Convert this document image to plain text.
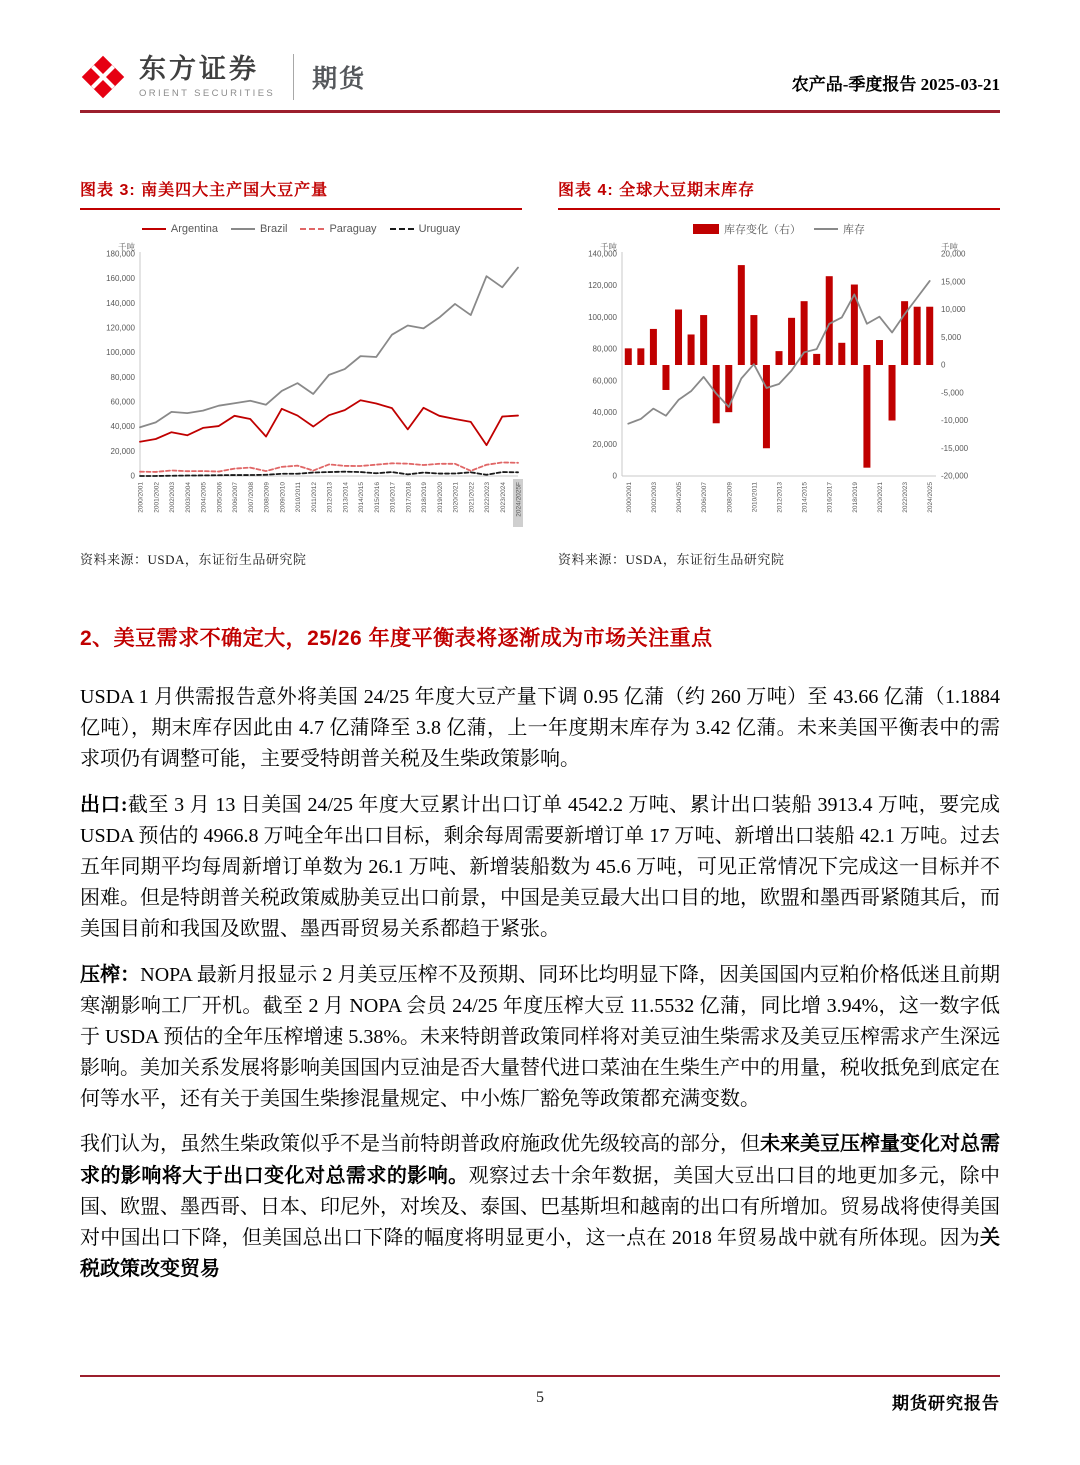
东方证券
ORIENT SECURITIES
期货	农产品-季度报告 2025-03-21
图表 3: 南美四大主产国大豆产量
Argentina	Brazil	Paraguay	Uruguay
0
20,000
40,000
60,000
80,000
100,000
120,000
140,000
160,000
180,000
千吨
2000/2001 2001/2002 2002/2003 2003/2004 2004/2005 2005/2006 2006/2007 2007/2008 2008/2009 2009/2010 2010/2011 2011/2012 2012/2013 2013/2014 2014/2015 2015/2016 2016/2017 2017/2018 2018/2019 2019/2020 2020/2021 2021/2022 2022/2023 2023/2024 2024/2025F
资料来源：USDA，东证衍生品研究院
图表 4: 全球大豆期末库存
库存变化（右）	库存
0
20,000
40,000
60,000
80,000
100,000
120,000
140,000
-20,000
-15,000
-10,000
-5,000
0
5,000
10,000
15,000
20,000
千吨	千吨
2000/2001	2002/2003	2004/2005	2006/2007	2008/2009	2010/2011	2012/2013	2014/2015	2016/2017	2018/2019	2020/2021	2022/2023	2024/2025
资料来源：USDA，东证衍生品研究院
2、美豆需求不确定大，25/26 年度平衡表将逐渐成为市场关注重点

USDA 1 月供需报告意外将美国 24/25 年度大豆产量下调 0.95 亿蒲（约 260 万吨）至 43.66 亿蒲（1.1884 亿吨），期末库存因此由 4.7 亿蒲降至 3.8 亿蒲，上一年度期末库存为 3.42 亿蒲。未来美国平衡表中的需求项仍有调整可能，主要受特朗普关税及生柴政策影响。

出口:截至 3 月 13 日美国 24/25 年度大豆累计出口订单 4542.2 万吨、累计出口装船 3913.4 万吨，要完成 USDA 预估的 4966.8 万吨全年出口目标，剩余每周需要新增订单 17 万吨、新增出口装船 42.1 万吨。过去五年同期平均每周新增订单数为 26.1 万吨、新增装船数为 45.6 万吨，可见正常情况下完成这一目标并不困难。但是特朗普关税政策威胁美豆出口前景，中国是美豆最大出口目的地，欧盟和墨西哥紧随其后，而美国目前和我国及欧盟、墨西哥贸易关系都趋于紧张。

压榨：NOPA 最新月报显示 2 月美豆压榨不及预期、同环比均明显下降，因美国国内豆粕价格低迷且前期寒潮影响工厂开机。截至 2 月 NOPA 会员 24/25 年度压榨大豆 11.5532 亿蒲，同比增 3.94%，这一数字低于 USDA 预估的全年压榨增速 5.38%。未来特朗普政策同样将对美豆油生柴需求及美豆压榨需求产生深远影响。美加关系发展将影响美国国内豆油是否大量替代进口菜油在生柴生产中的用量，税收抵免到底定在何等水平，还有关于美国生柴掺混量规定、中小炼厂豁免等政策都充满变数。

我们认为，虽然生柴政策似乎不是当前特朗普政府施政优先级较高的部分，但未来美豆压榨量变化对总需求的影响将大于出口变化对总需求的影响。观察过去十余年数据，美国大豆出口目的地更加多元，除中国、欧盟、墨西哥、日本、印尼外，对埃及、泰国、巴基斯坦和越南的出口有所增加。贸易战将使得美国对中国出口下降，但美国总出口下降的幅度将明显更小，这一点在 2018 年贸易战中就有所体现。因为关税政策改变贸易

5	期货研究报告
